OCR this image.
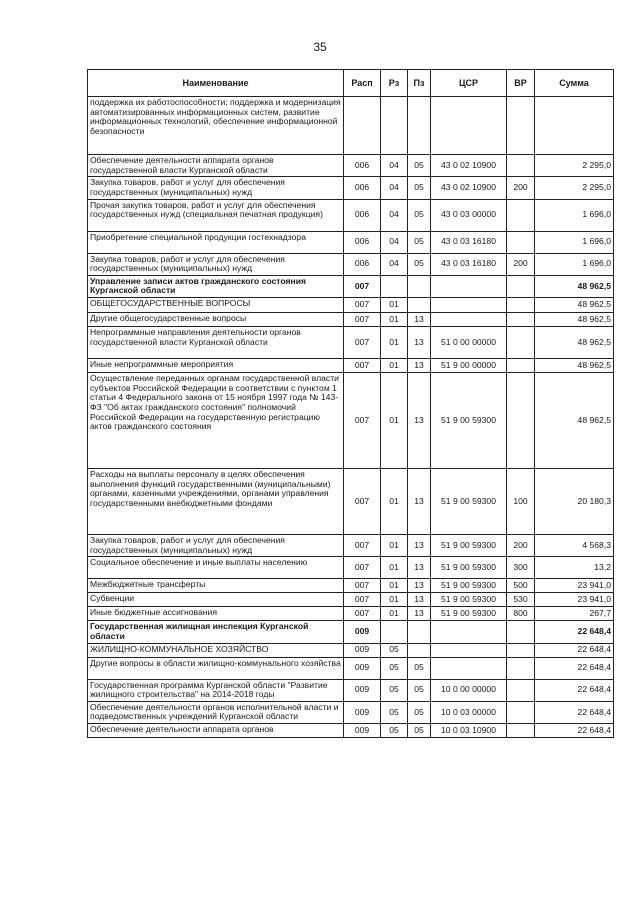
35
Наименование	Расп	Рз	Пз	ЦСР	ВР	Сумма
поддержка их работоспособности; поддержка и модернизация автоматизированных информационных систем, развитие информационных технологий, обеспечение информационной безопасности						
Обеспечение деятельности аппарата органов государственной власти Курганской области	006	04	05	43 0 02 10900		2 295,0
Закупка товаров, работ и услуг для обеспечения государственных (муниципальных) нужд	006	04	05	43 0 02 10900	200	2 295,0
Прочая закупка товаров, работ и услуг для обеспечения государственных нужд (специальная печатная продукция)	006	04	05	43 0 03 00000		1 696,0
Приобретение специальной продукции гостехнадзора	006	04	05	43 0 03 16180		1 696,0
Закупка товаров, работ и услуг для обеспечения государственных (муниципальных) нужд	006	04	05	43 0 03 16180	200	1 696,0
Управление записи актов гражданского состояния Курганской области	007					48 962,5
ОБЩЕГОСУДАРСТВЕННЫЕ ВОПРОСЫ	007	01				48 962,5
Другие общегосударственные вопросы	007	01	13			48 962,5
Непрограммные направления деятельности органов государственной власти Курганской области	007	01	13	51 0 00 00000		48 962,5
Иные непрограммные мероприятия	007	01	13	51 9 00 00000		48 962,5
Осуществление переданных органам государственной власти субъектов Российской Федерации в соответствии с пунктом 1 статьи 4 Федерального закона от 15 ноября 1997 года № 143-ФЗ "Об актах гражданского состояния" полномочий Российской Федерации на государственную регистрацию актов гражданского состояния	007	01	13	51 9 00 59300		48 962,5
Расходы на выплаты персоналу в целях обеспечения выполнения функций государственными (муниципальными) органами, казенными учреждениями, органами управления государственными внебюджетными фондами	007	01	13	51 9 00 59300	100	20 180,3
Закупка товаров, работ и услуг для обеспечения государственных (муниципальных) нужд	007	01	13	51 9 00 59300	200	4 568,3
Социальное обеспечение и иные выплаты населению	007	01	13	51 9 00 59300	300	13,2
Межбюджетные трансферты	007	01	13	51 9 00 59300	500	23 941,0
Субвенции	007	01	13	51 9 00 59300	530	23 941,0
Иные бюджетные ассигнования	007	01	13	51 9 00 59300	800	267,7
Государственная жилищная инспекция Курганской области	009					22 648,4
ЖИЛИЩНО-КОММУНАЛЬНОЕ ХОЗЯЙСТВО	009	05				22 648,4
Другие вопросы в области жилищно-коммунального хозяйства	009	05	05			22 648,4
Государственная программа Курганской области "Развитие жилищного строительства" на 2014-2018 годы	009	05	05	10 0 00 00000		22 648,4
Обеспечение деятельности органов исполнительной власти и подведомственных учреждений Курганской области	009	05	05	10 0 03 00000		22 648,4
Обеспечение деятельности аппарата органов	009	05	05	10 0 03 10900		22 648,4
